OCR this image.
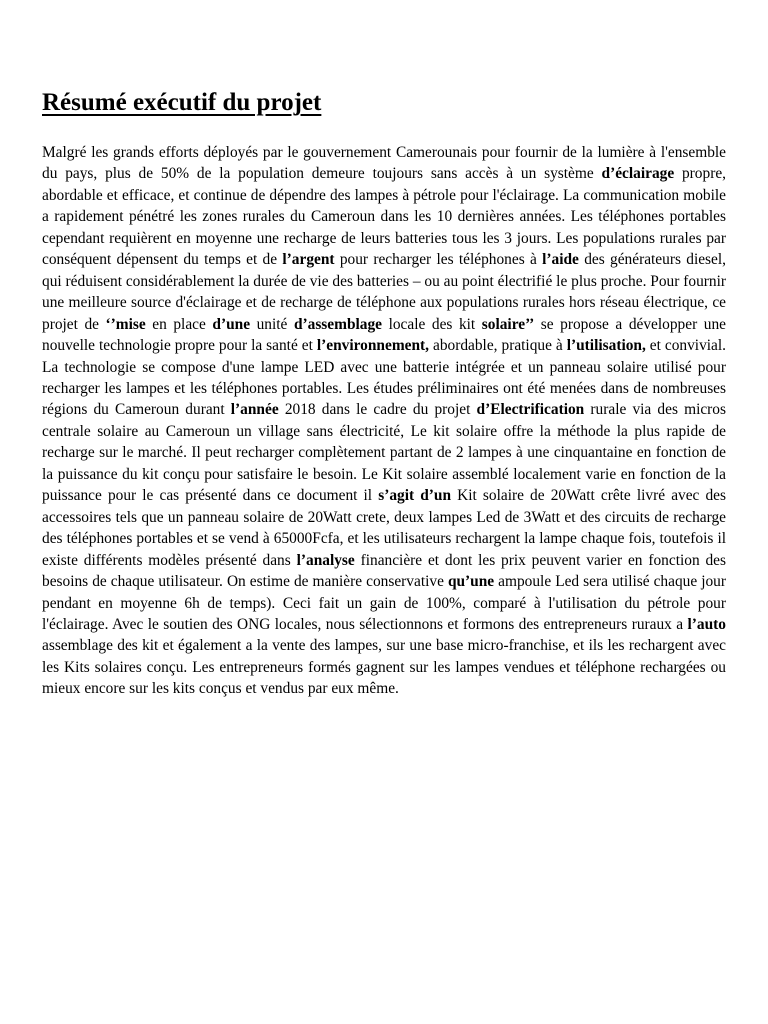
Résumé exécutif du projet

Malgré les grands efforts déployés par le gouvernement Camerounais pour fournir de la lumière à l'ensemble du pays, plus de 50% de la population demeure toujours sans accès à un système d’éclairage propre, abordable et efficace, et continue de dépendre des lampes à pétrole pour l'éclairage. La communication mobile a rapidement pénétré les zones rurales du Cameroun dans les 10 dernières années. Les téléphones portables cependant requièrent en moyenne une recharge de leurs batteries tous les 3 jours. Les populations rurales par conséquent dépensent du temps et de l’argent pour recharger les téléphones à l’aide des générateurs diesel, qui réduisent considérablement la durée de vie des batteries – ou au point électrifié le plus proche. Pour fournir une meilleure source d'éclairage et de recharge de téléphone aux populations rurales hors réseau électrique, ce projet de ‘’mise en place d’une unité d’assemblage locale des kit solaire’’ se propose a développer une nouvelle technologie propre pour la santé et l’environnement, abordable, pratique à l’utilisation, et convivial. La technologie se compose d'une lampe LED avec une batterie intégrée et un panneau solaire utilisé pour recharger les lampes et les téléphones portables. Les études préliminaires ont été menées dans de nombreuses régions du Cameroun durant l’année 2018 dans le cadre du projet d’Electrification rurale via des micros centrale solaire au Cameroun un village sans électricité, Le kit solaire offre la méthode la plus rapide de recharge sur le marché. Il peut recharger complètement partant de 2 lampes à une cinquantaine en fonction de la puissance du kit conçu pour satisfaire le besoin. Le Kit solaire assemblé localement varie en fonction de la puissance pour le cas présenté dans ce document il s’agit d’un Kit solaire de 20Watt crête livré avec des accessoires tels que un panneau solaire de 20Watt crete, deux lampes Led de 3Watt et des circuits de recharge des téléphones portables et se vend à 65000Fcfa, et les utilisateurs rechargent la lampe chaque fois, toutefois il existe différents modèles présenté dans l’analyse financière et dont les prix peuvent varier en fonction des besoins de chaque utilisateur. On estime de manière conservative qu’une ampoule Led sera utilisé chaque jour pendant en moyenne 6h de temps). Ceci fait un gain de 100%, comparé à l'utilisation du pétrole pour l'éclairage. Avec le soutien des ONG locales, nous sélectionnons et formons des entrepreneurs ruraux a l’auto assemblage des kit et également a la vente des lampes, sur une base micro-franchise, et ils les rechargent avec les Kits solaires conçu. Les entrepreneurs formés gagnent sur les lampes vendues et téléphone rechargées ou mieux encore sur les kits conçus et vendus par eux même.
